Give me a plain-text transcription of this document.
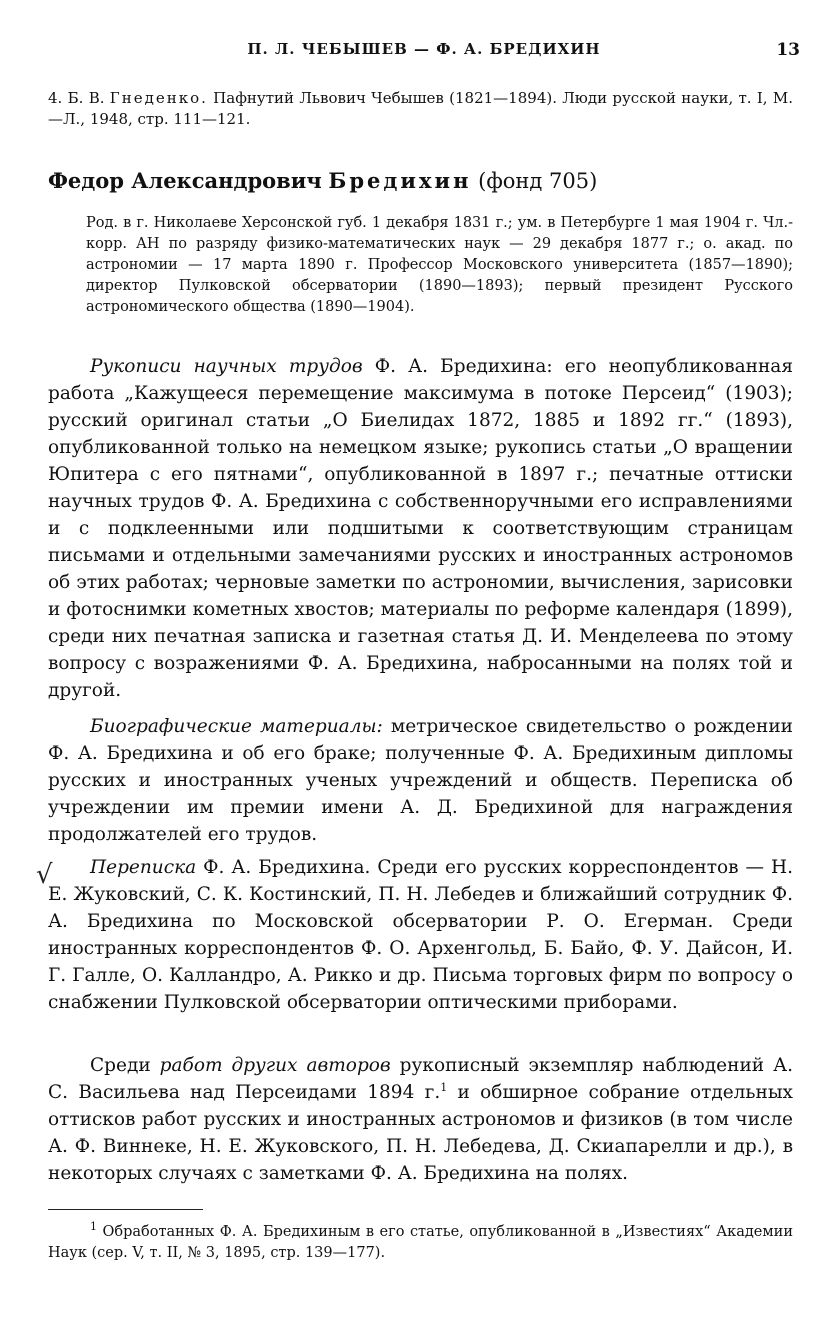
П. Л. ЧЕБЫШЕВ — Ф. А. БРЕДИХИН	13
4. Б. В. Гнеденко. Пафнутий Львович Чебышев (1821—1894). Люди русской науки, т. I, М.—Л., 1948, стр. 111—121.
Федор Александрович Бредихин (фонд 705)
Род. в г. Николаеве Херсонской губ. 1 декабря 1831 г.; ум. в Петербурге 1 мая 1904 г. Чл.-корр. АН по разряду физико-математических наук — 29 декабря 1877 г.; о. акад. по астрономии — 17 марта 1890 г. Профессор Московского университета (1857—1890); директор Пулковской обсерватории (1890—1893); первый президент Русского астрономического общества (1890—1904).
Рукописи научных трудов Ф. А. Бредихина: его неопубликованная работа „Кажущееся перемещение максимума в потоке Персеид“ (1903); русский оригинал статьи „О Биелидах 1872, 1885 и 1892 гг.“ (1893), опубликованной только на немецком языке; рукопись статьи „О вращении Юпитера с его пятнами“, опубликованной в 1897 г.; печатные оттиски научных трудов Ф. А. Бредихина с собственноручными его исправлениями и с подклеенными или подшитыми к соответствующим страницам письмами и отдельными замечаниями русских и иностранных астрономов об этих работах; черновые заметки по астрономии, вычисления, зарисовки и фотоснимки кометных хвостов; материалы по реформе календаря (1899), среди них печатная записка и газетная статья Д. И. Менделеева по этому вопросу с возражениями Ф. А. Бредихина, набросанными на полях той и другой.
Биографические материалы: метрическое свидетельство о рождении Ф. А. Бредихина и об его браке; полученные Ф. А. Бредихиным дипломы русских и иностранных ученых учреждений и обществ. Переписка об учреждении им премии имени А. Д. Бредихиной для награждения продолжателей его трудов.
√	Переписка Ф. А. Бредихина. Среди его русских корреспондентов — Н. Е. Жуковский, С. К. Костинский, П. Н. Лебедев и ближайший сотрудник Ф. А. Бредихина по Московской обсерватории Р. О. Егерман. Среди иностранных корреспондентов Ф. О. Архенгольд, Б. Байо, Ф. У. Дайсон, И. Г. Галле, О. Калландро, А. Рикко и др. Письма торговых фирм по вопросу о снабжении Пулковской обсерватории оптическими приборами.
Среди работ других авторов рукописный экземпляр наблюдений А. С. Васильева над Персеидами 1894 г.$^1$ и обширное собрание отдельных оттисков работ русских и иностранных астрономов и физиков (в том числе А. Ф. Виннеке, Н. Е. Жуковского, П. Н. Лебедева, Д. Скиапарелли и др.), в некоторых случаях с заметками Ф. А. Бредихина на полях.
$^1$ Обработанных Ф. А. Бредихиным в его статье, опубликованной в „Известиях“ Академии Наук (сер. V, т. II, № 3, 1895, стр. 139—177).
